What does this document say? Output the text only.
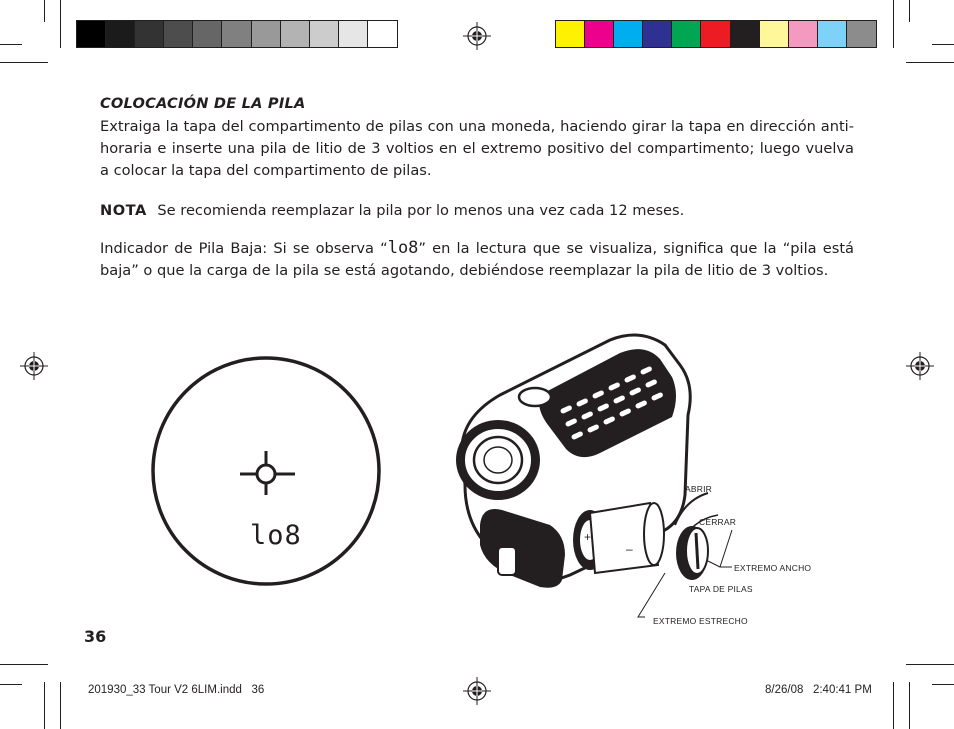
COLOCACIÓN DE LA PILA
Extraiga la tapa del compartimento de pilas con una moneda, haciendo girar la tapa en dirección anti-horaria e inserte una pila de litio de 3 voltios en el extremo positivo del compartimento; luego vuelva a colocar la tapa del compartimento de pilas.
NOTA Se recomienda reemplazar la pila por lo menos una vez cada 12 meses.
Indicador de Pila Baja: Si se observa “lo8” en la lectura que se visualiza, significa que la “pila está baja” o que la carga de la pila se está agotando, debiéndose reemplazar la pila de litio de 3 voltios.
lo8	+
–
ABRIR
CERRAR
EXTREMO ANCHO
TAPA DE PILAS
EXTREMO ESTRECHO
36
201930_33 Tour V2 6LIM.indd   36	8/26/08   2:40:41 PM
